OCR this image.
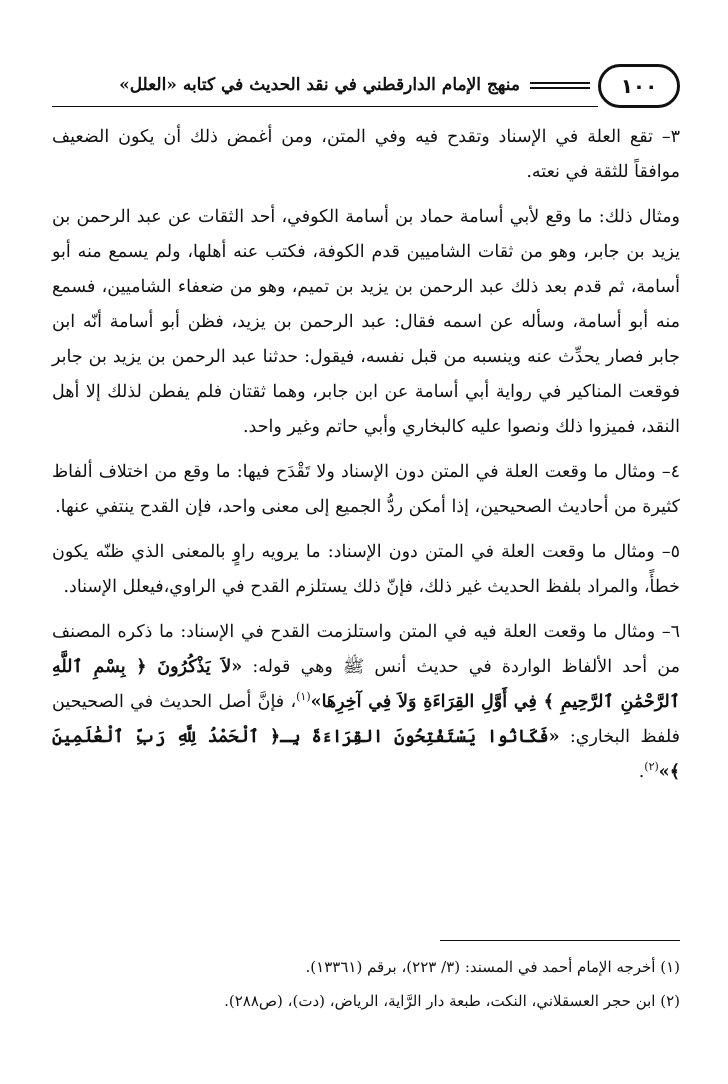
١٠٠
منهج الإمام الدارقطني في نقد الحديث في كتابه «العلل»

٣– تقع العلة في الإسناد وتقدح فيه وفي المتن، ومن أغمض ذلك أن يكون الضعيف موافقاً للثقة في نعته.

ومثال ذلك: ما وقع لأبي أسامة حماد بن أسامة الكوفي، أحد الثقات عن عبد الرحمن بن يزيد بن جابر، وهو من ثقات الشاميين قدم الكوفة، فكتب عنه أهلها، ولم يسمع منه أبو أسامة، ثم قدم بعد ذلك عبد الرحمن بن يزيد بن تميم، وهو من ضعفاء الشاميين، فسمع منه أبو أسامة، وسأله عن اسمه فقال: عبد الرحمن بن يزيد، فظن أبو أسامة أنّه ابن جابر فصار يحدِّث عنه وينسبه من قبل نفسه، فيقول: حدثنا عبد الرحمن بن يزيد بن جابر فوقعت المناكير في رواية أبي أسامة عن ابن جابر، وهما ثقتان فلم يفطن لذلك إلا أهل النقد، فميزوا ذلك ونصوا عليه كالبخاري وأبي حاتم وغير واحد.

٤– ومثال ما وقعت العلة في المتن دون الإسناد ولا تَقْدَح فيها: ما وقع من اختلاف ألفاظ كثيرة من أحاديث الصحيحين، إذا أمكن ردُّ الجميع إلى معنى واحد، فإن القدح ينتفي عنها.

٥– ومثال ما وقعت العلة في المتن دون الإسناد: ما يرويه راوٍ بالمعنى الذي ظنّه يكون خطأً، والمراد بلفظ الحديث غير ذلك، فإنّ ذلك يستلزم القدح في الراوي،فيعلل الإسناد.

٦– ومثال ما وقعت العلة فيه في المتن واستلزمت القدح في الإسناد: ما ذكره المصنف من أحد الألفاظ الواردة في حديث أنس ﷺ وهي قوله: «لاَ يَذْكُرُونَ ﴿ بِسْمِ ٱللَّهِ ٱلرَّحْمَٰنِ ٱلرَّحِيمِ ﴾ فِي أَوَّلِ القِرَاءَةِ وَلاَ فِي آخِرِهَا»$^{(١)}$، فإنَّ أصل الحديث في الصحيحين فلفظ البخاري: «فَكَانُوا يَسْتَفْتِحُونَ القِرَاءَةَ بِـ﴿ ٱلْحَمْدُ لِلَّهِ رَبِّ ٱلْعَٰلَمِينَ ﴾»$^{(٢)}$.

(١) أخرجه الإمام أحمد في المسند: (٣/ ٢٢٣)، برقم (١٣٣٦١).

(٢) ابن حجر العسقلاني، النكت، طبعة دار الرَّاية، الرياض، (دت)، (ص٢٨٨).
